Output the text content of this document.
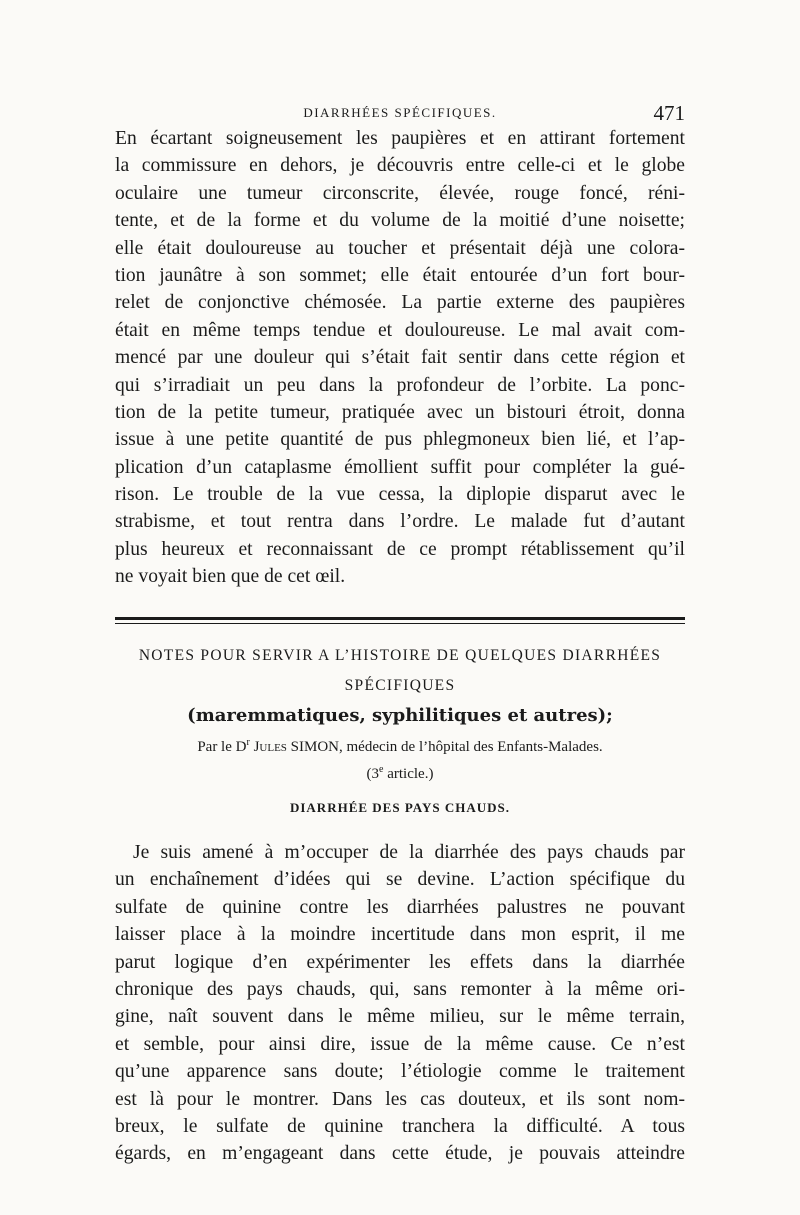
DIARRHÉES SPÉCIFIQUES.	471
En écartant soigneusement les paupières et en attirant fortement
la commissure en dehors, je découvris entre celle-ci et le globe
oculaire une tumeur circonscrite, élevée, rouge foncé, réni-
tente, et de la forme et du volume de la moitié d’une noisette;
elle était douloureuse au toucher et présentait déjà une colora-
tion jaunâtre à son sommet; elle était entourée d’un fort bour-
relet de conjonctive chémosée. La partie externe des paupières
était en même temps tendue et douloureuse. Le mal avait com-
mencé par une douleur qui s’était fait sentir dans cette région et
qui s’irradiait un peu dans la profondeur de l’orbite. La ponc-
tion de la petite tumeur, pratiquée avec un bistouri étroit, donna
issue à une petite quantité de pus phlegmoneux bien lié, et l’ap-
plication d’un cataplasme émollient suffit pour compléter la gué-
rison. Le trouble de la vue cessa, la diplopie disparut avec le
strabisme, et tout rentra dans l’ordre. Le malade fut d’autant
plus heureux et reconnaissant de ce prompt rétablissement qu’il
ne voyait bien que de cet œil.
NOTES POUR SERVIR A L’HISTOIRE DE QUELQUES DIARRHÉES
SPÉCIFIQUES
(maremmatiques, syphilitiques et autres);
Par le $D^r$ Jules SIMON, médecin de l’hôpital des Enfants-Malades.
(3e article.)
DIARRHÉE DES PAYS CHAUDS.
Je suis amené à m’occuper de la diarrhée des pays chauds par
un enchaînement d’idées qui se devine. L’action spécifique du
sulfate de quinine contre les diarrhées palustres ne pouvant
laisser place à la moindre incertitude dans mon esprit, il me
parut logique d’en expérimenter les effets dans la diarrhée
chronique des pays chauds, qui, sans remonter à la même ori-
gine, naît souvent dans le même milieu, sur le même terrain,
et semble, pour ainsi dire, issue de la même cause. Ce n’est
qu’une apparence sans doute; l’étiologie comme le traitement
est là pour le montrer. Dans les cas douteux, et ils sont nom-
breux, le sulfate de quinine tranchera la difficulté. A tous
égards, en m’engageant dans cette étude, je pouvais atteindre
